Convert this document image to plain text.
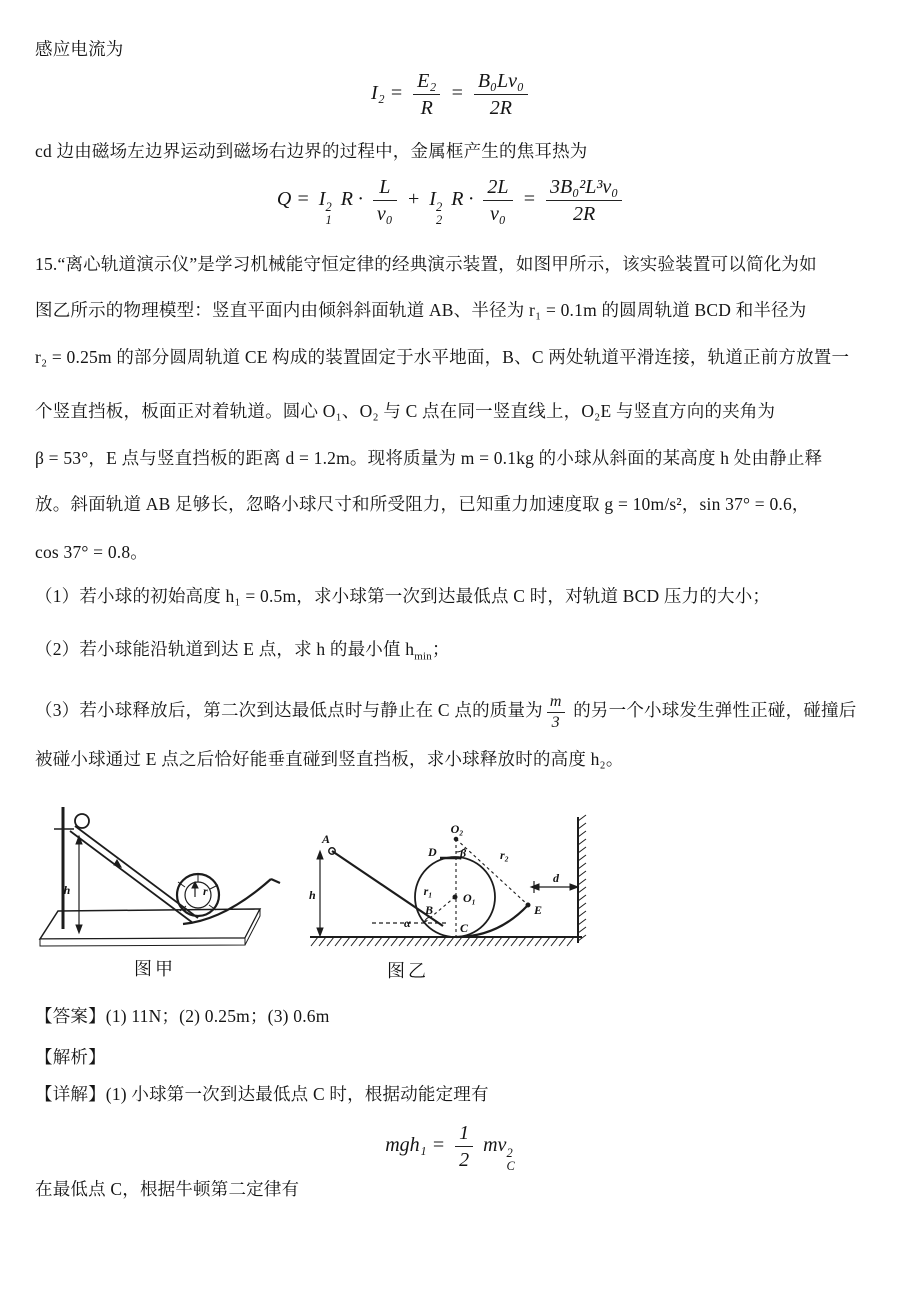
感应电流为
$I_2 = \frac{\text{E₂}}{R} = \frac{\text{B₀Lv₀}}{2R}$
cd 边由磁场左边界运动到磁场右边界的过程中，金属框产生的焦耳热为
Q = I 2
1
$R \cdot \frac{L}{\text{v₀}} + I$ 2
2
$R \cdot \frac{2L}{\text{v₀}} = \frac{\text{3B₀²L³v₀}}{2R}$
15.“离心轨道演示仪”是学习机械能守恒定律的经典演示装置，如图甲所示，该实验装置可以简化为如
图乙所示的物理模型：竖直平面内由倾斜斜面轨道 AB、半径为 r₁ = 0.1m 的圆周轨道 BCD 和半径为
r₂ = 0.25m 的部分圆周轨道 CE 构成的装置固定于水平地面，B、C 两处轨道平滑连接，轨道正前方放置一
个竖直挡板，板面正对着轨道。圆心 O₁、O₂ 与 C 点在同一竖直线上，O₂E 与竖直方向的夹角为
β = 53°，E 点与竖直挡板的距离 d = 1.2m。现将质量为 m = 0.1kg 的小球从斜面的某高度 h 处由静止释
放。斜面轨道 AB 足够长，忽略小球尺寸和所受阻力，已知重力加速度取 g = 10m/s²，sin 37° = 0.6，
cos 37° = 0.8。
（1）若小球的初始高度 h₁ = 0.5m，求小球第一次到达最低点 C 时，对轨道 BCD 压力的大小；
（2）若小球能沿轨道到达 E 点，求 h 的最小值 $h_{min}$；
（3）若小球释放后，第二次到达最低点时与静止在 C 点的质量为 $\frac{m}{3}$ 的另一个小球发生弹性正碰，碰撞后
被碰小球通过 E 点之后恰好能垂直碰到竖直挡板，求小球释放时的高度 h₂。
h	r
图甲
h
A
α
O₁
r₁
B
D
O₂
β	r₂
E
C
d
图乙
【答案】(1) 11N；(2) 0.25m；(3) 0.6m
【解析】
【详解】(1) 小球第一次到达最低点 C 时，根据动能定理有
$mgh_1 = \frac{1}{2}$ mv 2
C
在最低点 C，根据牛顿第二定律有
